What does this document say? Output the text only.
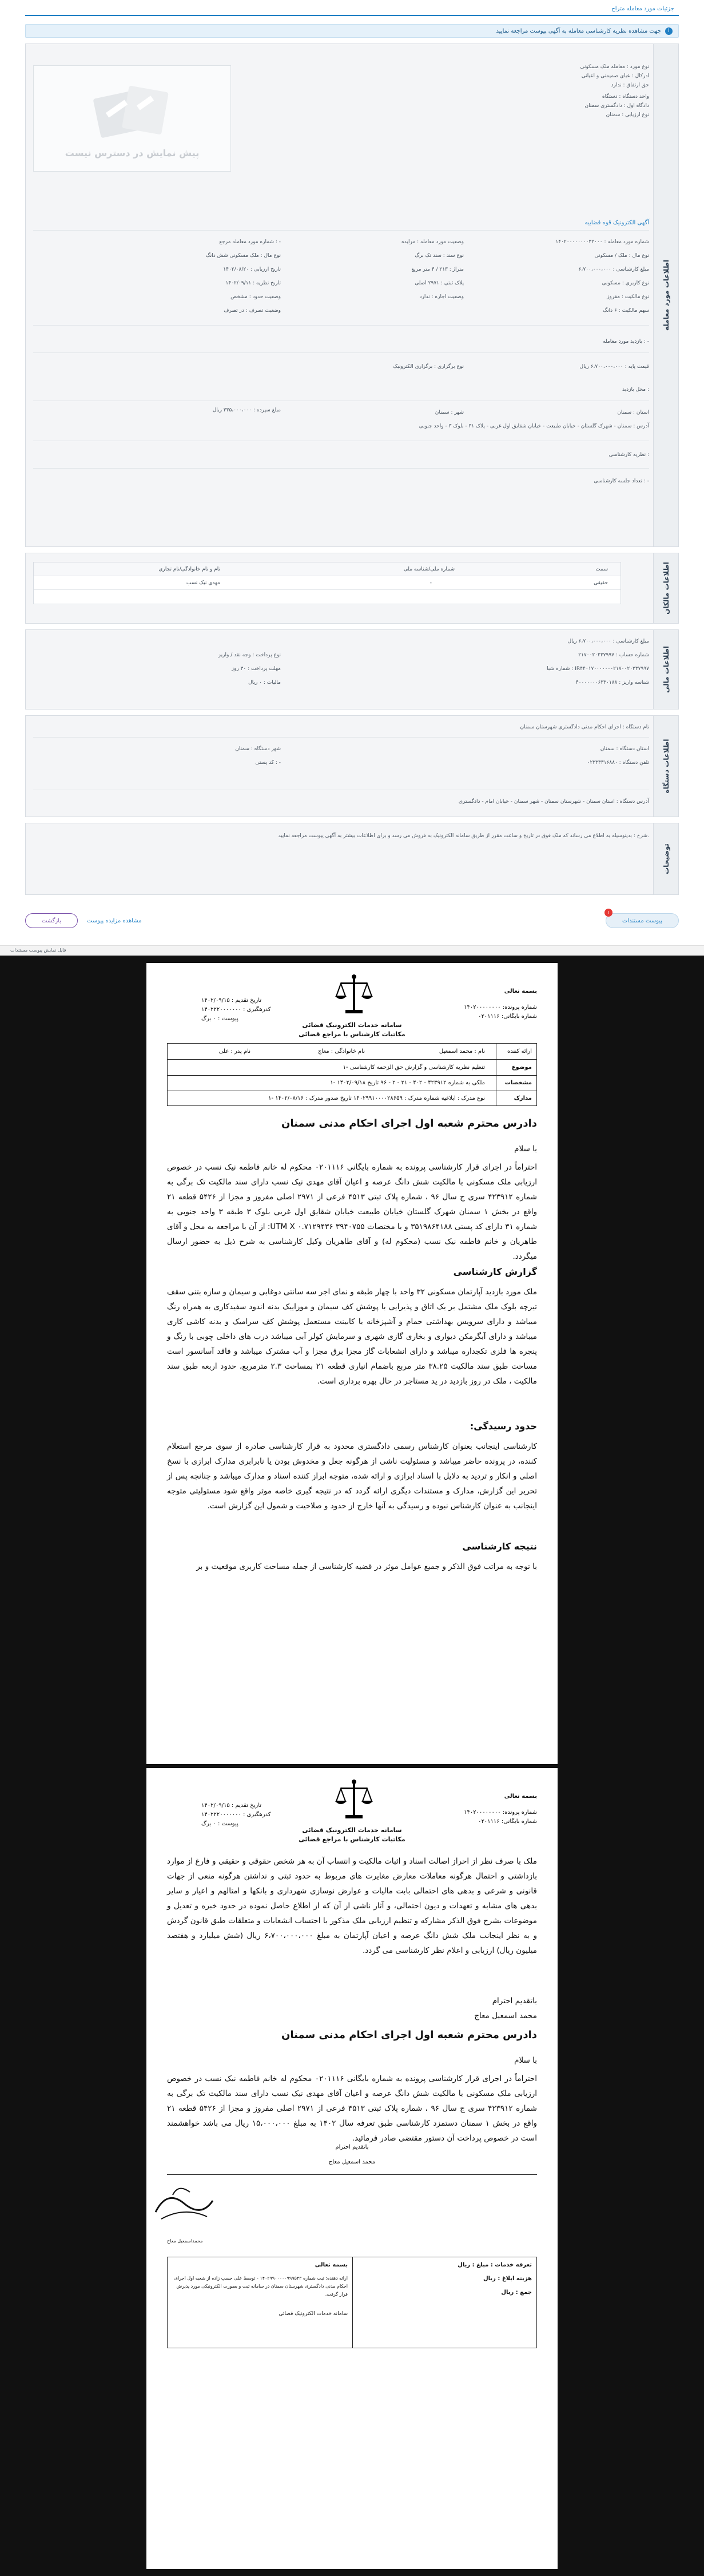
جزئیات مورد معامله متراج
i
جهت مشاهده نظریه کارشناسی معامله به آگهی پیوست مراجعه نمایید
اطلاعات مورد معامله
نوع مورد : معامله ملک مسکونی
ادرکال : عبای صمیمنی و اعیانی
حق ارتفاق : ندارد
واحد دستگاه : دستگاه
دادگاه اول : دادگستری سمنان
نوع ارزیابی : سمنان
پیش نمایش در دسترس نیست
آگهی الکترونیک قوه قضاییه
شماره مورد معامله : ۱۴۰۲۰۰۰۰۰۰۰۰۳۲۰۰۰
نوع مال : ملک / مسکونی
مبلغ کارشناسی : ۶،۷۰۰،۰۰۰،۰۰۰
نوع کاربری : مسکونی
نوع مالکیت : مفروز
سهم مالکیت : ۶ دانگ
وضعیت مورد معامله : مزایده
نوع سند : سند تک برگ
متراژ : ۲۱۳ / ۴ متر مربع
پلاک ثبتی : ۲۹۷۱ اصلی
وضعیت اجاره : ندارد
شماره مورد معامله مرجع : -
نوع مال : ملک مسکونی شش دانگ
تاریخ ارزیابی : ۱۴۰۲/۰۸/۲۰
تاریخ نظریه : ۱۴۰۲/۰۹/۱۱
وضعیت حدود : مشخص
وضعیت تصرف : در تصرف
بازدید مورد معامله : -
قیمت پایه : ۶،۷۰۰،۰۰۰،۰۰۰ ریال
نوع برگزاری : برگزاری الکترونیک
مبلغ سپرده : ۳۳۵،۰۰۰،۰۰۰ ریال
محل بازدید :
استان : سمنان
شهر : سمنان
آدرس : سمنان - شهرک گلستان - خیابان طبیعت - خیابان شقایق اول غربی - پلاک ۳۱ - بلوک ۳ - واحد جنوبی
نظریه کارشناسی :
تعداد جلسه کارشناسی : -
اطلاعات مالکان
سمت
شماره ملی/شناسه ملی
نام و نام خانوادگی/نام تجاری
حقیقی
-
مهدی نیک نسب
اطلاعات مالی
مبلغ کارشناسی : ۶،۷۰۰،۰۰۰،۰۰۰ ریال
شماره حساب : ۲۱۷۰۰۲۰۲۳۷۹۹۷
شماره شبا : IR۴۴۰۱۷۰۰۰۰۰۰۰۲۱۷۰۰۲۰۲۳۷۹۹۷
شناسه واریز : ۴۰۰۰۰۰۰۰۶۳۳۰۱۸۸
نوع پرداخت : وجه نقد / واریز
مهلت پرداخت : ۳۰ روز
مالیات : ۰ ریال
اطلاعات دستگاه
نام دستگاه : اجرای احکام مدنی دادگستری شهرستان سمنان
استان دستگاه : سمنان
شهر دستگاه : سمنان
تلفن دستگاه : ۰۲۳۳۳۳۱۶۸۸۰
کد پستی : -
آدرس دستگاه : استان سمنان - شهرستان سمنان - شهر سمنان - خیابان امام - دادگستری
توضیحات
شرح : بدینوسیله به اطلاع می رساند که ملک فوق در تاریخ و ساعت مقرر از طریق سامانه الکترونیک به فروش می رسد و برای اطلاعات بیشتر به آگهی پیوست مراجعه نمایید.
پیوست مستندات
۱
مشاهده مزایده پیوست
بازگشت
فایل نمایش پیوست مستندات
بسمه تعالی
شماره پرونده: ۱۴۰۲۰۰۰۰۰۰۰۰
شماره بایگانی: ۰۲۰۱۱۱۶
سامانه خدمات الکترونیک قضائی
مکاتبات کارشناس با مراجع قضائی
تاریخ تقدیم : ۱۴۰۲/۰۹/۱۵
کدرهگیری : ۱۴۰۲۲۲۰۰۰۰۰۰۰
پیوست : ۰ برگ
ارائه کننده
نام : محمد اسمعیل
نام خانوادگی : معاج
نام پدر : علی
موضوع
۱- تنظیم نظریه کارشناسی و گزارش حق الزحمه کارشناسی
مشخصات
۱- ملکی به شماره ۴۲۳۹۱۲ - ۴۰۲ - ۲۱ - ۲ - ۹۶ تاریخ ۱۴۰۲/۰۹/۱۸
مدارک
۱- نوع مدرک : ابلاغیه شماره مدرک : ۱۴۰۲۹۹۱۰۰۰۰۲۸۶۵۹ تاریخ صدور مدرک : ۱۴۰۲/۰۸/۱۶
دادرس محترم شعبه اول اجرای احکام مدنی سمنان
با سلام
احتراماً در اجرای قرار کارشناسی پرونده به شماره بایگانی ۰۲۰۱۱۱۶ محکوم له خانم فاطمه نیک نسب در خصوص ارزیابی ملک مسکونی با مالکیت شش دانگ عرصه و اعیان آقای مهدی نیک نسب دارای سند مالکیت تک برگی به شماره ۴۲۳۹۱۲ سری ج سال ۹۶ ، شماره پلاک ثبتی ۴۵۱۳ فرعی از ۲۹۷۱ اصلی مفروز و مجزا از ۵۴۲۶ قطعه ۲۱ واقع در بخش ۱ سمنان شهرک گلستان خیابان طبیعت خیابان شقایق اول غربی بلوک ۳ طبقه ۳ واحد جنوبی به شماره ۳۱ دارای کد پستی ۳۵۱۹۸۶۴۱۸۸ و با مختصات ۳۹۴۰۷۵۵ ۰.۷۱۲۹۴۳۶ UTM X: از آن با مراجعه به محل و آقای طاهریان و خانم فاطمه نیک نسب (محکوم له) و آقای طاهریان وکیل کارشناسی به شرح ذیل به حضور ارسال میگردد.
گزارش کارشناسی
ملک مورد بازدید آپارتمان مسکونی ۳۲ واحد با چهار طبقه و نمای اجر سه سانتی دوغابی و سیمان و سازه بتنی سقف تیرچه بلوک ملک مشتمل بر یک اتاق و پذیرایی با پوشش کف سیمان و موزاییک بدنه اندود سفیدکاری به همراه رنگ میباشد و دارای سرویس بهداشتی حمام و آشپزخانه با کابینت مستعمل پوشش کف سرامیک و بدنه کاشی کاری میباشد و دارای آبگرمکن دیواری و بخاری گازی شهری و سرمایش کولر آبی میباشد درب های داخلی چوبی با رنگ و پنجره ها فلزی تکجداره میباشد و دارای انشعابات گاز مجزا برق مجزا و آب مشترک میباشد و فاقد آسانسور است مساحت طبق سند مالکیت ۳۸.۲۵ متر مربع باضمام انباری قطعه ۲۱ بمساحت ۲.۳ مترمربع، حدود اربعه طبق سند مالکیت ، ملک در روز بازدید در ید مستاجر در حال بهره برداری است.
حدود رسیدگی:
کارشناسی اینجانب بعنوان کارشناس رسمی دادگستری محدود به قرار کارشناسی صادره از سوی مرجع استعلام کننده، در پرونده حاضر میباشد و مسئولیت ناشی از هرگونه جعل و مخدوش بودن یا نابرابری مدارک ابرازی با نسخ اصلی و انکار و تردید به دلایل با اسناد ابرازی و ارائه شده، متوجه ابراز کننده اسناد و مدارک میباشد و چنانچه پس از تحریر این گزارش، مدارک و مستندات دیگری ارائه گردد که در نتیجه گیری خاصه موثر واقع شود مسئولیتی متوجه اینجانب به عنوان کارشناس نبوده و رسیدگی به آنها خارج از حدود و صلاحیت و شمول این گزارش است.
نتیجه کارشناسی
با توجه به مراتب فوق الذکر و جمیع عوامل موثر در قضیه کارشناسی از جمله مساحت کاربری موقعیت و بر
بسمه تعالی
شماره پرونده: ۱۴۰۲۰۰۰۰۰۰۰۰
شماره بایگانی: ۰۲۰۱۱۱۶
سامانه خدمات الکترونیک قضائی
مکاتبات کارشناس با مراجع قضائی
تاریخ تقدیم : ۱۴۰۲/۰۹/۱۵
کدرهگیری : ۱۴۰۲۲۲۰۰۰۰۰۰۰
پیوست : ۰ برگ
ملک با صرف نظر از احراز اصالت اسناد و اثبات مالکیت و انتساب آن به هر شخص حقوقی و حقیقی و فارغ از موارد بازداشتی و احتمال هرگونه معاملات معارض مغایرت های مربوط به حدود ثبتی و نداشتن هرگونه منعی از جهات قانونی و شرعی و بدهی های احتمالی بابت مالیات و عوارض نوسازی شهرداری و بانکها و امثالهم و اعیار و سایر بدهی های مشابه و تعهدات و دیون احتمالی، و آثار ناشی از آن که از اطلاع حاصل نموده در حدود خبره و تعدیل و موضوعات بشرح فوق الذکر مشارکه و تنظیم ارزیابی ملک مذکور با احتساب انشعابات و متعلقات طبق قانون گردش و به نظر اینجانب ملک شش دانگ عرصه و اعیان آپارتمان به مبلغ ۶،۷۰۰،۰۰۰،۰۰۰ ریال (شش میلیارد و هفتصد میلیون ریال) ارزیابی و اعلام نظر کارشناسی می گردد.
باتقدیم احترام
محمد اسمعیل معاج
دادرس محترم شعبه اول اجرای احکام مدنی سمنان
با سلام
احتراماً در اجرای قرار کارشناسی پرونده به شماره بایگانی ۰۲۰۱۱۱۶ محکوم له خانم فاطمه نیک نسب در خصوص ارزیابی ملک مسکونی با مالکیت شش دانگ عرصه و اعیان آقای مهدی نیک نسب دارای سند مالکیت تک برگی به شماره ۴۲۳۹۱۲ سری ج سال ۹۶ ، شماره پلاک ثبتی ۴۵۱۳ فرعی از ۲۹۷۱ اصلی مفروز و مجزا از ۵۴۲۶ قطعه ۲۱ واقع در بخش ۱ سمنان دستمزد کارشناسی طبق تعرفه سال ۱۴۰۲ به مبلغ ۱۵،۰۰۰،۰۰۰ ریال می باشد خواهشمند است در خصوص پرداخت آن دستور مقتضی صادر فرمائید.
باتقدیم احترام
محمد اسمعیل معاج
محمداسمعیل معاج
بسمه تعالی
ارائه دهنده: ثبت شماره ۱۴۰۲۹۹۰۰۰۰۰۹۹۹۵۴۳ - توسط علی حسب زاده از شعبه اول اجرای احکام مدنی دادگستری شهرستان سمنان در سامانه ثبت و بصورت الکترونیکی مورد پذیرش قرار گرفت.
سامانه خدمات الکترونیک قضائی
تعرفه خدمات : مبلغ : ریال
هزینه ابلاغ : ریال
جمع : ریال
